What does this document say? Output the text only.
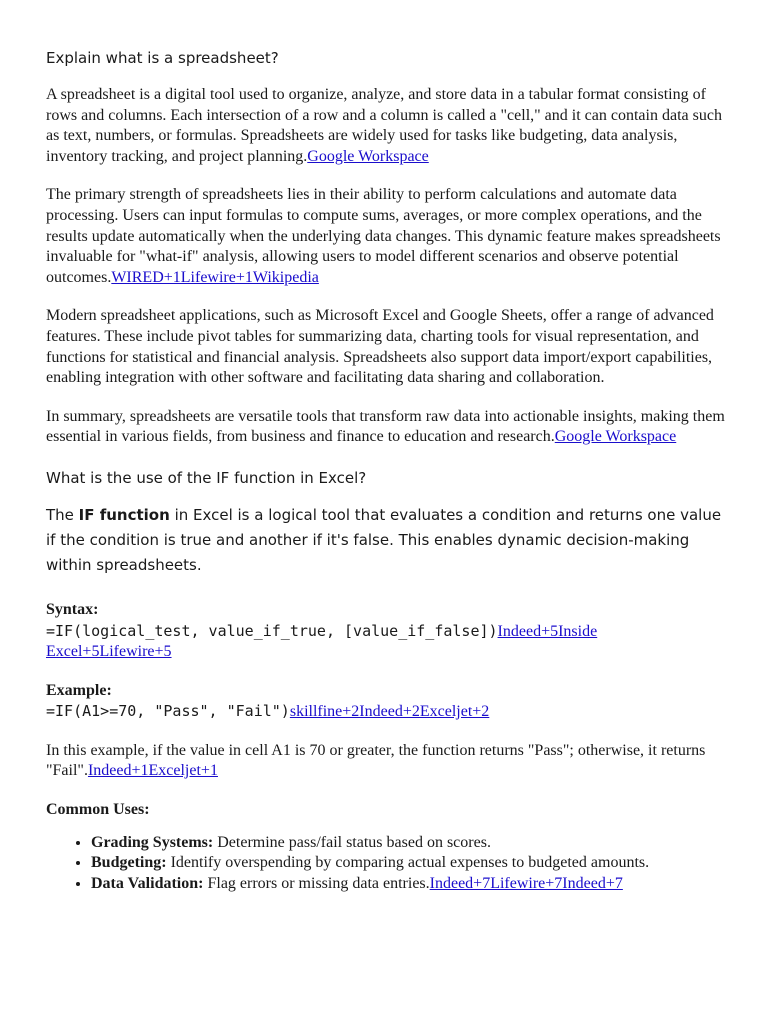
Explain what is a spreadsheet?

A spreadsheet is a digital tool used to organize, analyze, and store data in a tabular format consisting of rows and columns. Each intersection of a row and a column is called a "cell," and it can contain data such as text, numbers, or formulas. Spreadsheets are widely used for tasks like budgeting, data analysis, inventory tracking, and project planning.Google Workspace

The primary strength of spreadsheets lies in their ability to perform calculations and automate data processing. Users can input formulas to compute sums, averages, or more complex operations, and the results update automatically when the underlying data changes. This dynamic feature makes spreadsheets invaluable for "what-if" analysis, allowing users to model different scenarios and observe potential outcomes.WIRED+1Lifewire+1Wikipedia

Modern spreadsheet applications, such as Microsoft Excel and Google Sheets, offer a range of advanced features. These include pivot tables for summarizing data, charting tools for visual representation, and functions for statistical and financial analysis. Spreadsheets also support data import/export capabilities, enabling integration with other software and facilitating data sharing and collaboration.

In summary, spreadsheets are versatile tools that transform raw data into actionable insights, making them essential in various fields, from business and finance to education and research.Google Workspace

What is the use of the IF function in Excel?

The IF function in Excel is a logical tool that evaluates a condition and returns one value if the condition is true and another if it's false. This enables dynamic decision-making within spreadsheets.

Syntax:
=IF(logical_test, value_if_true, [value_if_false])Indeed+5Inside Excel+5Lifewire+5
Example:
=IF(A1>=70, "Pass", "Fail")skillfine+2Indeed+2Exceljet+2

In this example, if the value in cell A1 is 70 or greater, the function returns "Pass"; otherwise, it returns "Fail".Indeed+1Exceljet+1

Common Uses:
• Grading Systems: Determine pass/fail status based on scores.
• Budgeting: Identify overspending by comparing actual expenses to budgeted amounts.
• Data Validation: Flag errors or missing data entries.Indeed+7Lifewire+7Indeed+7
